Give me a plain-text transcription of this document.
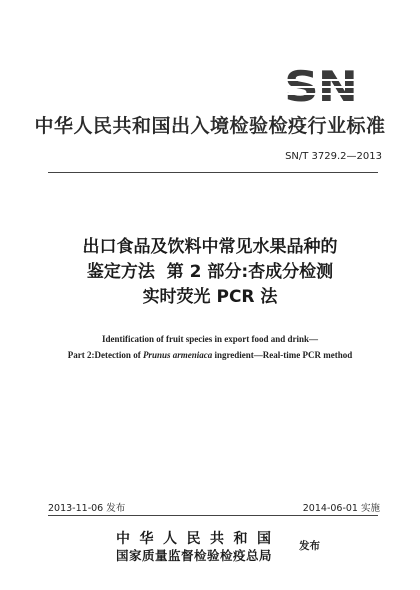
中华人民共和国出入境检验检疫行业标准
SN/T 3729.2—2013
出口食品及饮料中常见水果品种的
鉴定方法  第 2 部分:杏成分检测
实时荧光 PCR 法
Identification of fruit species in export food and drink—
Part 2:Detection of Prunus armeniaca ingredient—Real-time PCR method
2013-11-06 发布	2014-06-01 实施
中华人民共和国
国家质量监督检验检疫总局
发布
